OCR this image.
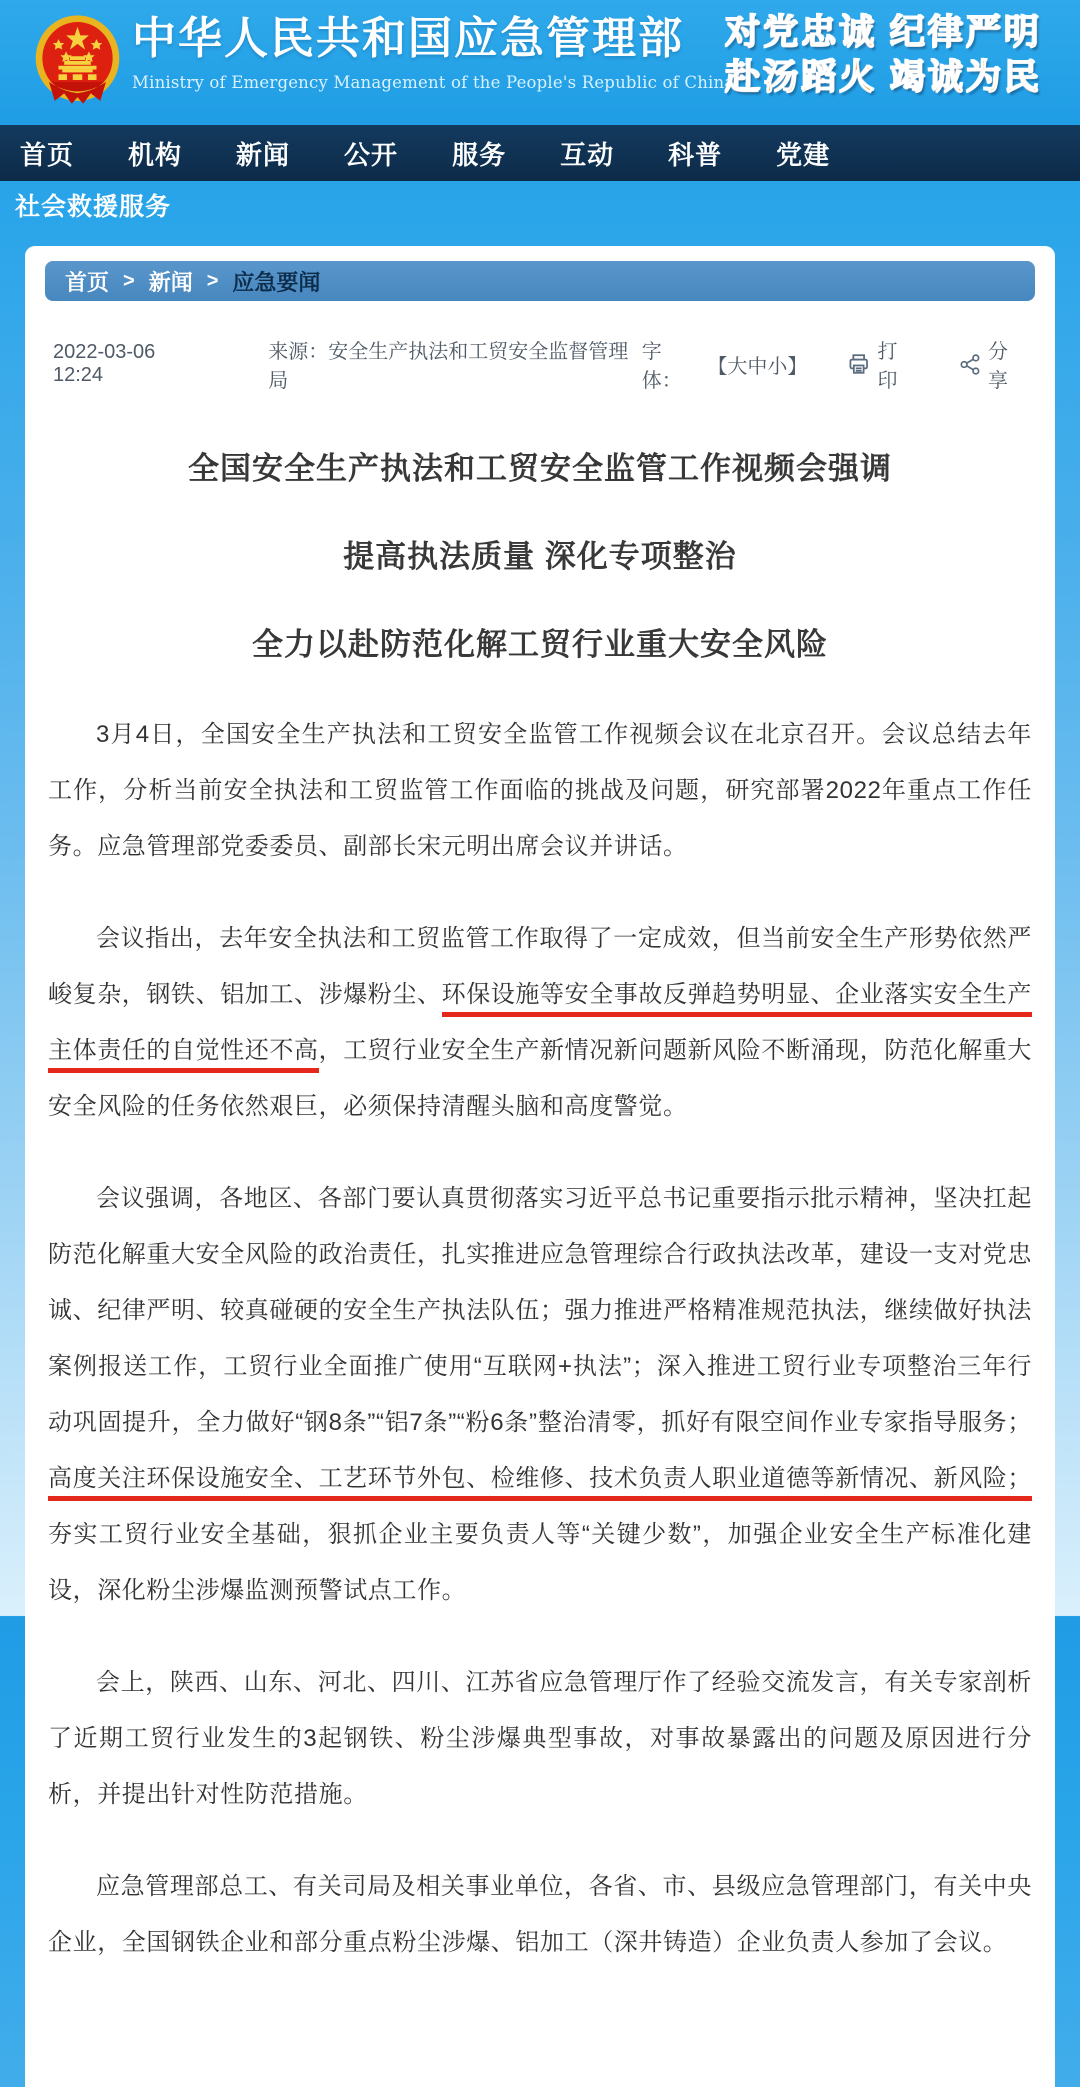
中华人民共和国应急管理部
Ministry of Emergency Management of the People's Republic of China
对党忠诚 纪律严明
赴汤蹈火 竭诚为民
首页 机构 新闻 公开 服务 互动 科普 党建
社会救援服务
首页 > 新闻 > 应急要闻
2022-03-06 12:24
来源：安全生产执法和工贸安全监督管理局
字体：
【大中小】
打印
分享
全国安全生产执法和工贸安全监管工作视频会强调
提高执法质量 深化专项整治
全力以赴防范化解工贸行业重大安全风险

3月4日，全国安全生产执法和工贸安全监管工作视频会议在北京召开。会议总结去年工作，分析当前安全执法和工贸监管工作面临的挑战及问题，研究部署2022年重点工作任务。应急管理部党委委员、副部长宋元明出席会议并讲话。

会议指出，去年安全执法和工贸监管工作取得了一定成效，但当前安全生产形势依然严峻复杂，钢铁、铝加工、涉爆粉尘、环保设施等安全事故反弹趋势明显、企业落实安全生产主体责任的自觉性还不高，工贸行业安全生产新情况新问题新风险不断涌现，防范化解重大安全风险的任务依然艰巨，必须保持清醒头脑和高度警觉。

会议强调，各地区、各部门要认真贯彻落实习近平总书记重要指示批示精神，坚决扛起防范化解重大安全风险的政治责任，扎实推进应急管理综合行政执法改革，建设一支对党忠诚、纪律严明、较真碰硬的安全生产执法队伍；强力推进严格精准规范执法，继续做好执法案例报送工作，工贸行业全面推广使用“互联网+执法”；深入推进工贸行业专项整治三年行动巩固提升，全力做好“钢8条”“铝7条”“粉6条”整治清零，抓好有限空间作业专家指导服务；高度关注环保设施安全、工艺环节外包、检维修、技术负责人职业道德等新情况、新风险；夯实工贸行业安全基础，狠抓企业主要负责人等“关键少数”，加强企业安全生产标准化建设，深化粉尘涉爆监测预警试点工作。

会上，陕西、山东、河北、四川、江苏省应急管理厅作了经验交流发言，有关专家剖析了近期工贸行业发生的3起钢铁、粉尘涉爆典型事故，对事故暴露出的问题及原因进行分析，并提出针对性防范措施。

应急管理部总工、有关司局及相关事业单位，各省、市、县级应急管理部门，有关中央企业，全国钢铁企业和部分重点粉尘涉爆、铝加工（深井铸造）企业负责人参加了会议。
